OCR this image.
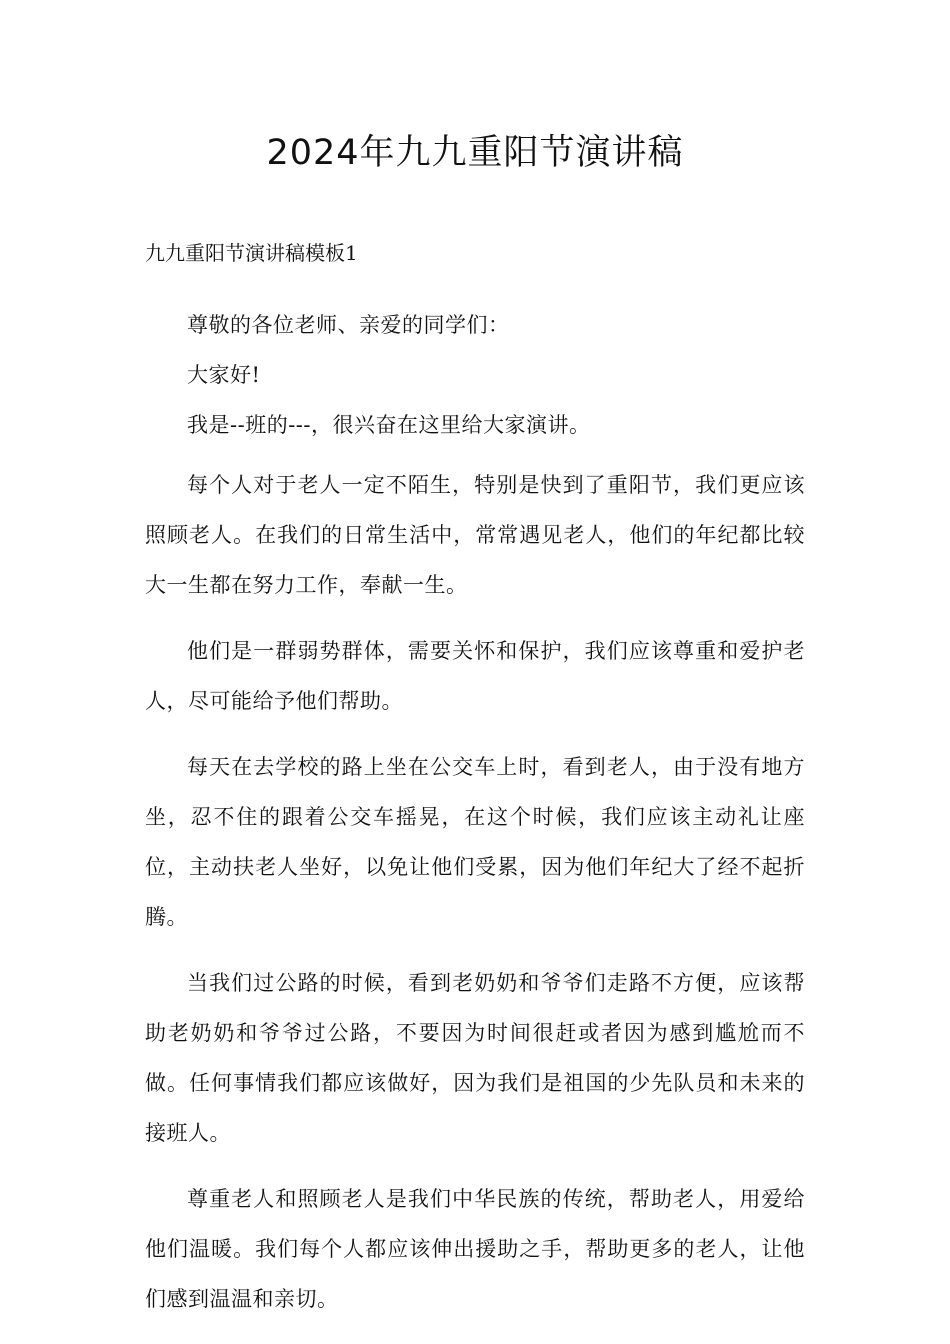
2024年九九重阳节演讲稿

九九重阳节演讲稿模板1

尊敬的各位老师、亲爱的同学们：

大家好!

我是--班的---，很兴奋在这里给大家演讲。

每个人对于老人一定不陌生，特别是快到了重阳节，我们更应该照顾老人。在我们的日常生活中，常常遇见老人，他们的年纪都比较大一生都在努力工作，奉献一生。

他们是一群弱势群体，需要关怀和保护，我们应该尊重和爱护老人，尽可能给予他们帮助。

每天在去学校的路上坐在公交车上时，看到老人，由于没有地方坐，忍不住的跟着公交车摇晃，在这个时候，我们应该主动礼让座位，主动扶老人坐好，以免让他们受累，因为他们年纪大了经不起折腾。

当我们过公路的时候，看到老奶奶和爷爷们走路不方便，应该帮助老奶奶和爷爷过公路，不要因为时间很赶或者因为感到尴尬而不做。任何事情我们都应该做好，因为我们是祖国的少先队员和未来的接班人。

尊重老人和照顾老人是我们中华民族的传统，帮助老人，用爱给他们温暖。我们每个人都应该伸出援助之手，帮助更多的老人，让他们感到温温和亲切。
